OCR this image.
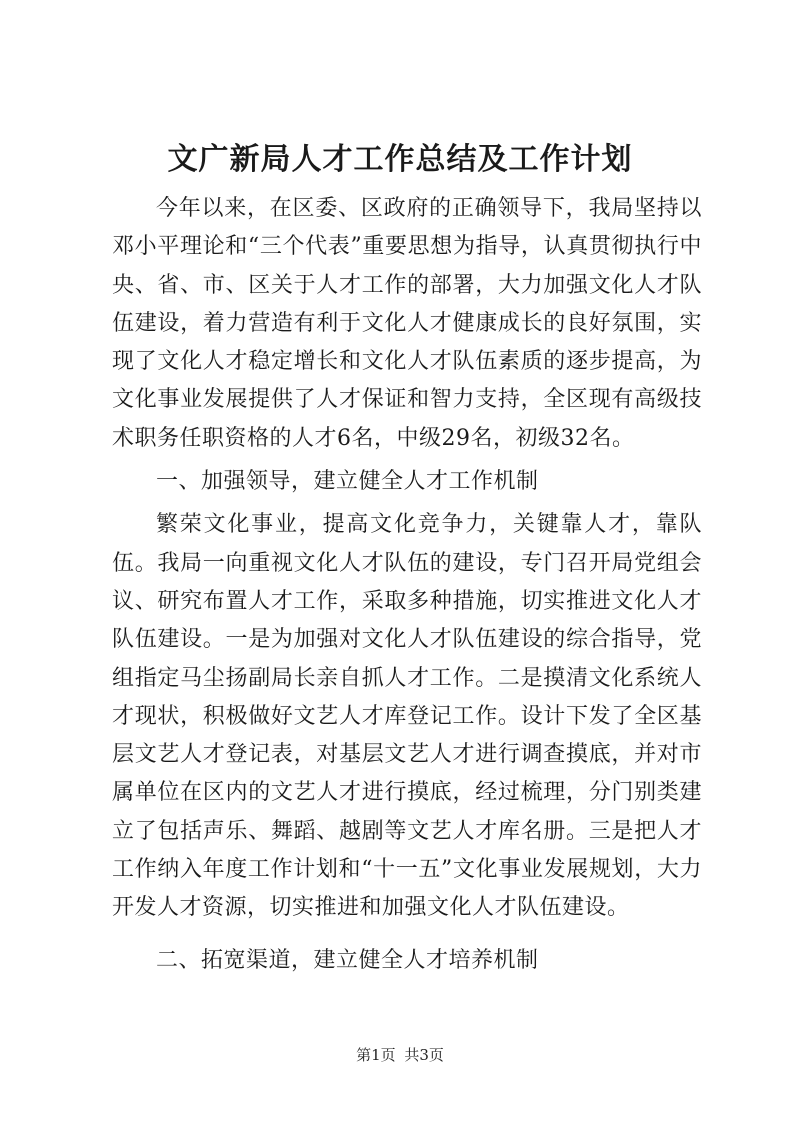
文广新局人才工作总结及工作计划

今年以来，在区委、区政府的正确领导下，我局坚持以邓小平理论和“三个代表”重要思想为指导，认真贯彻执行中央、省、市、区关于人才工作的部署，大力加强文化人才队伍建设，着力营造有利于文化人才健康成长的良好氛围，实现了文化人才稳定增长和文化人才队伍素质的逐步提高，为文化事业发展提供了人才保证和智力支持，全区现有高级技术职务任职资格的人才6名，中级29名，初级32名。

一、加强领导，建立健全人才工作机制

繁荣文化事业，提高文化竞争力，关键靠人才，靠队伍。我局一向重视文化人才队伍的建设，专门召开局党组会议、研究布置人才工作，采取多种措施，切实推进文化人才队伍建设。一是为加强对文化人才队伍建设的综合指导，党组指定马尘扬副局长亲自抓人才工作。二是摸清文化系统人才现状，积极做好文艺人才库登记工作。设计下发了全区基层文艺人才登记表，对基层文艺人才进行调查摸底，并对市属单位在区内的文艺人才进行摸底，经过梳理，分门别类建立了包括声乐、舞蹈、越剧等文艺人才库名册。三是把人才工作纳入年度工作计划和“十一五”文化事业发展规划，大力开发人才资源，切实推进和加强文化人才队伍建设。

二、拓宽渠道，建立健全人才培养机制

第1页 共3页
